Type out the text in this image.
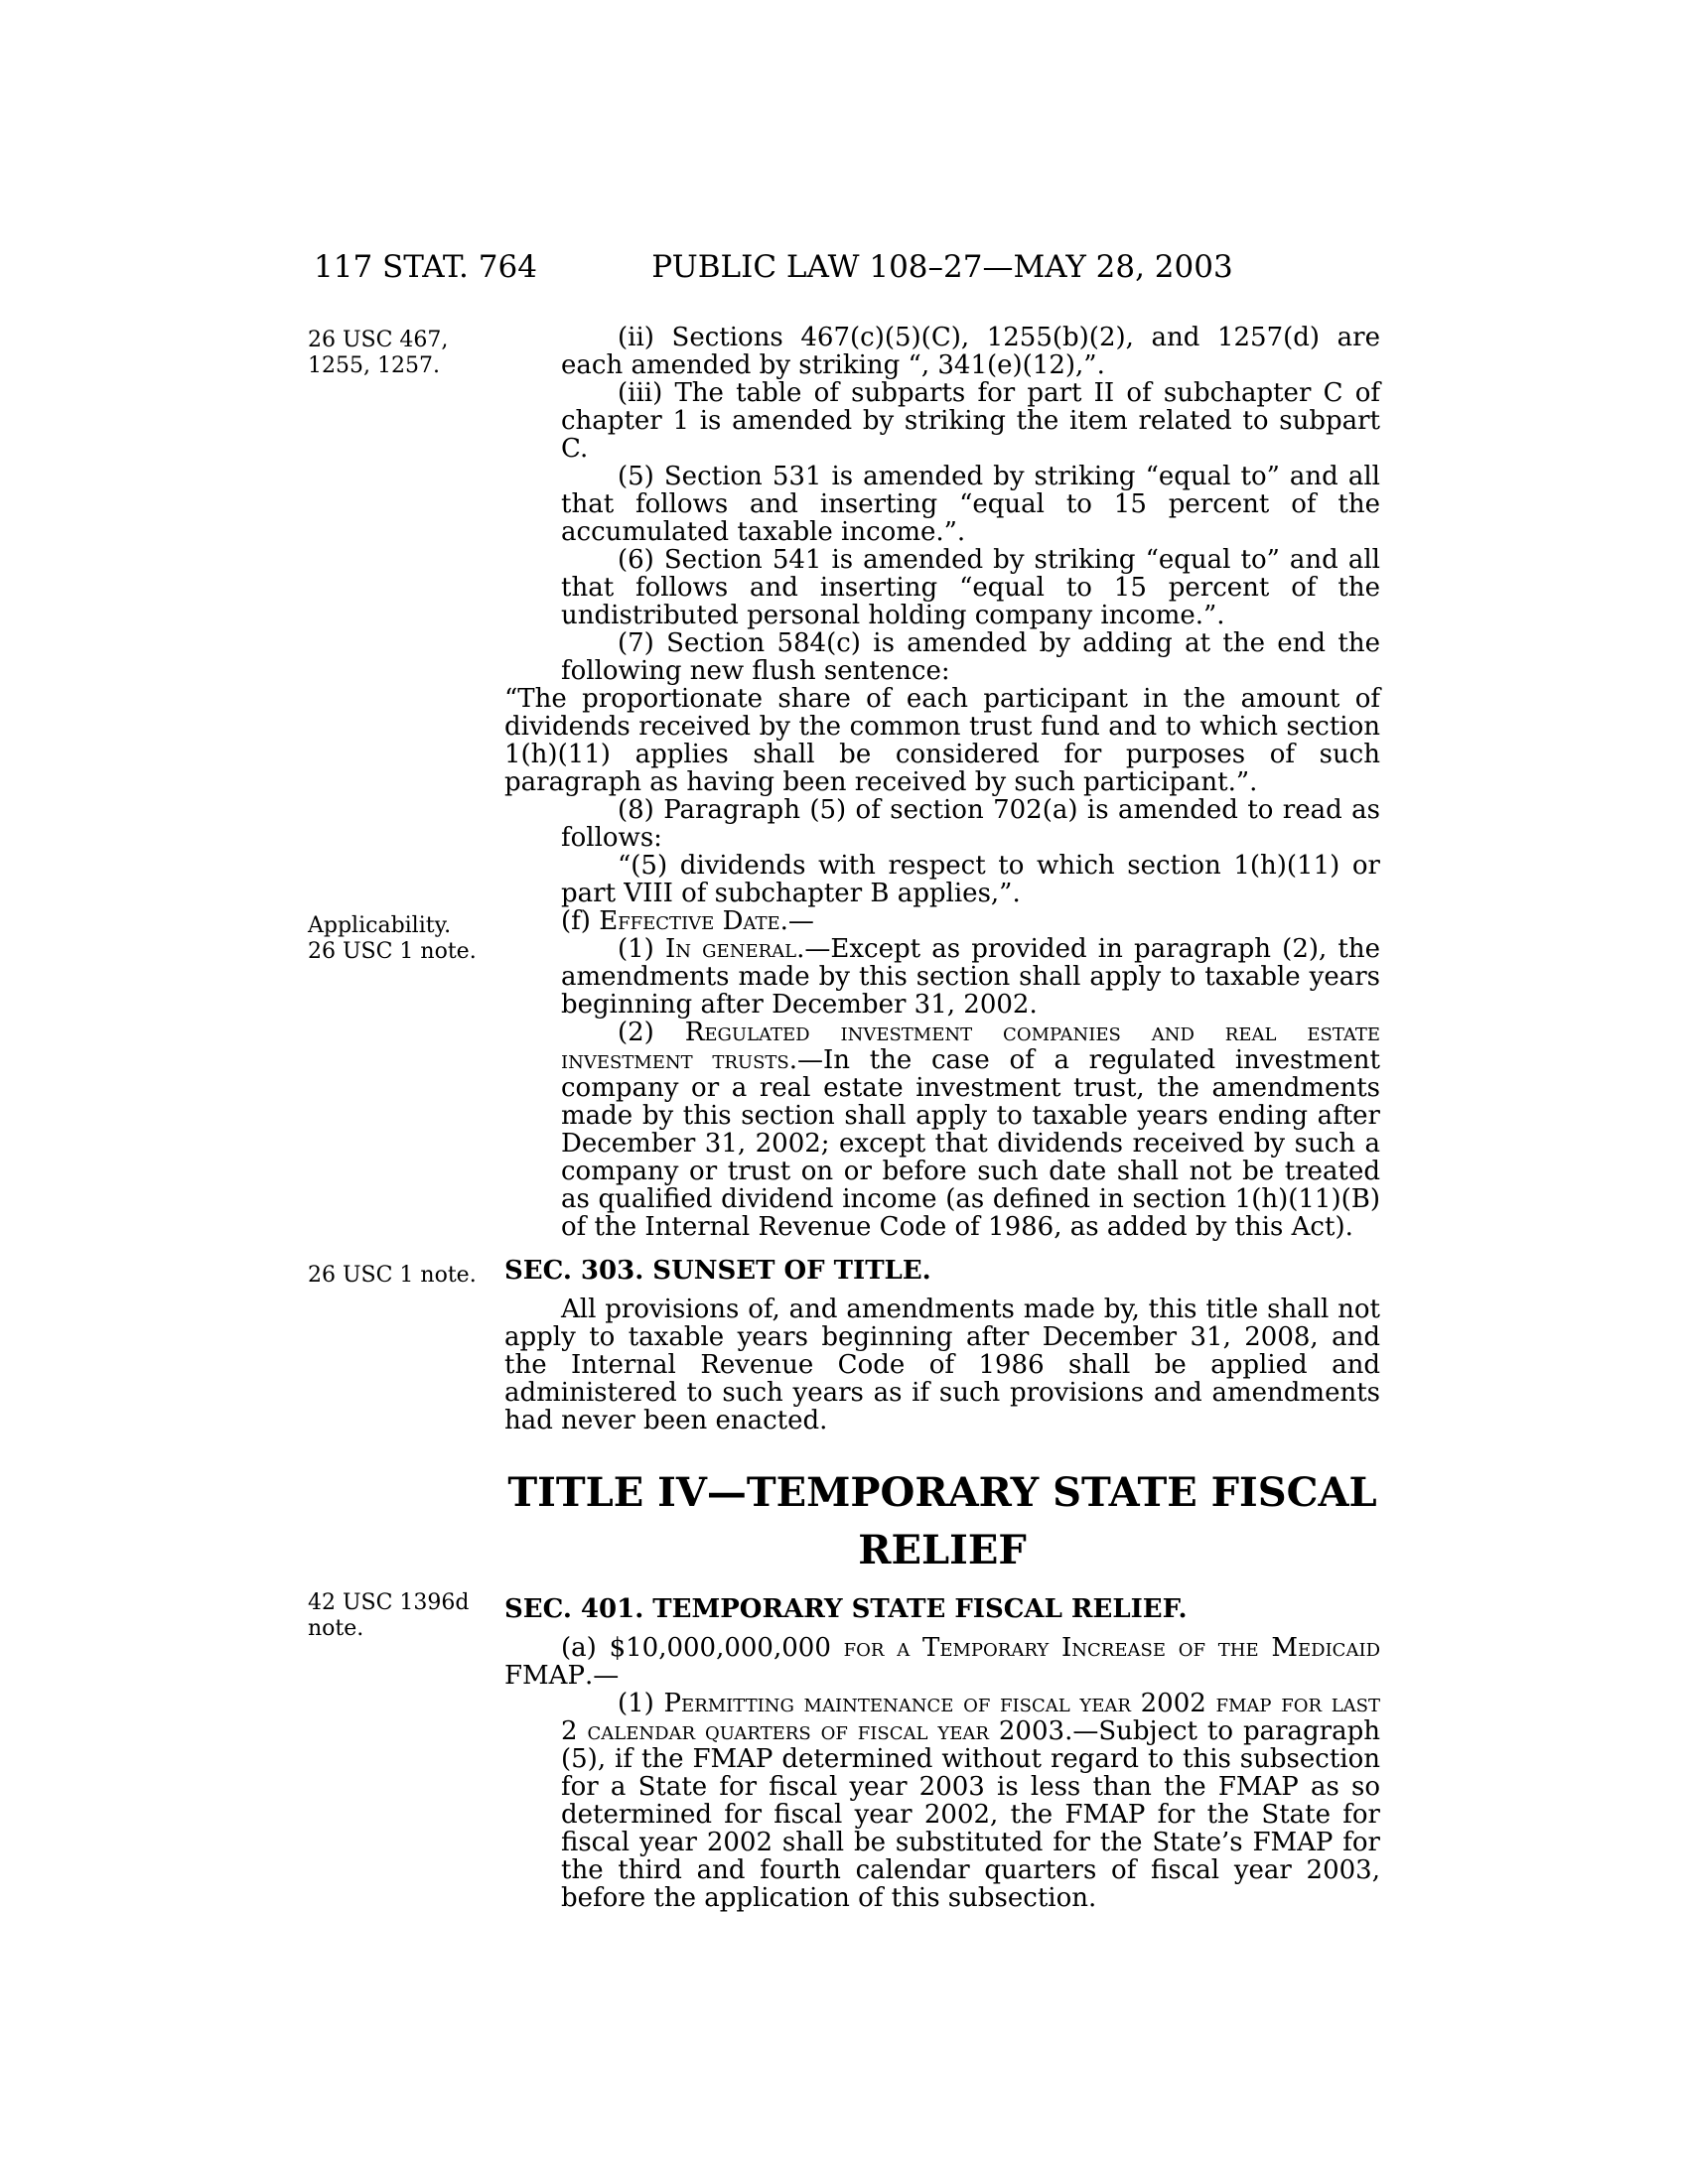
117 STAT. 764	PUBLIC LAW 108–27—MAY 28, 2003
26 USC 467,
1255, 1257.
Applicability.
26 USC 1 note.
26 USC 1 note.
42 USC 1396d
note.

(ii) Sections 467(c)(5)(C), 1255(b)(2), and 1257(d) are each amended by striking “, 341(e)(12),”.

(iii) The table of subparts for part II of subchapter C of chapter 1 is amended by striking the item related to subpart C.

(5) Section 531 is amended by striking “equal to” and all that follows and inserting “equal to 15 percent of the accumulated taxable income.”.

(6) Section 541 is amended by striking “equal to” and all that follows and inserting “equal to 15 percent of the undistributed personal holding company income.”.

(7) Section 584(c) is amended by adding at the end the following new flush sentence:

“The proportionate share of each participant in the amount of dividends received by the common trust fund and to which section 1(h)(11) applies shall be considered for purposes of such paragraph as having been received by such participant.”.

(8) Paragraph (5) of section 702(a) is amended to read as follows:

“(5) dividends with respect to which section 1(h)(11) or part VIII of subchapter B applies,”.

(f) Effective Date.—

(1) In general.—Except as provided in paragraph (2), the amendments made by this section shall apply to taxable years beginning after December 31, 2002.

(2) Regulated investment companies and real estate investment trusts.—In the case of a regulated investment company or a real estate investment trust, the amendments made by this section shall apply to taxable years ending after December 31, 2002; except that dividends received by such a company or trust on or before such date shall not be treated as qualified dividend income (as defined in section 1(h)(11)(B) of the Internal Revenue Code of 1986, as added by this Act).

SEC. 303. SUNSET OF TITLE.

All provisions of, and amendments made by, this title shall not apply to taxable years beginning after December 31, 2008, and the Internal Revenue Code of 1986 shall be applied and administered to such years as if such provisions and amendments had never been enacted.

TITLE IV—TEMPORARY STATE FISCAL RELIEF

SEC. 401. TEMPORARY STATE FISCAL RELIEF.

(a) $10,000,000,000 for a Temporary Increase of the Medicaid FMAP.—

(1) Permitting maintenance of fiscal year 2002 fmap for last 2 calendar quarters of fiscal year 2003.—Subject to paragraph (5), if the FMAP determined without regard to this subsection for a State for fiscal year 2003 is less than the FMAP as so determined for fiscal year 2002, the FMAP for the State for fiscal year 2002 shall be substituted for the State’s FMAP for the third and fourth calendar quarters of fiscal year 2003, before the application of this subsection.
